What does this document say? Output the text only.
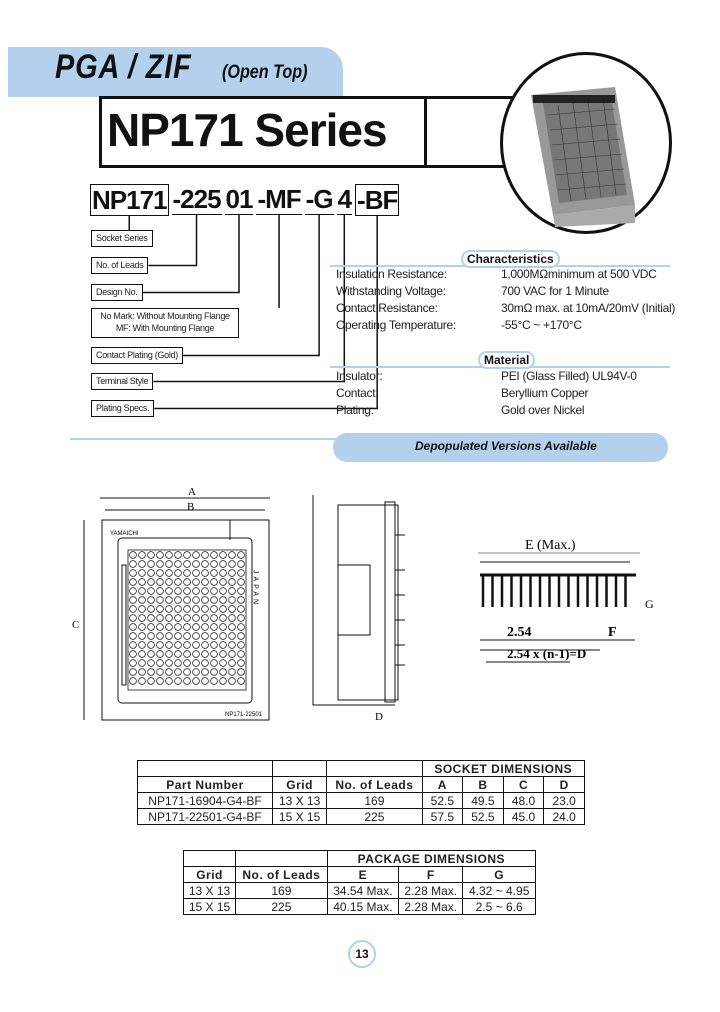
PGA / ZIF (Open Top)
NP171 Series
NP171 -225 01 -MF -G 4 -BF
Socket Series
No. of Leads
Design No.
No Mark: Without Mounting Flange
MF: With Mounting Flange
Contact Plating (Gold)
Terminal Style
Plating Specs.
Characteristics
Insulation Resistance:	1,000MΩminimum at 500 VDC
Withstanding Voltage:	700 VAC for 1 Minute
Contact Resistance:	30mΩ max. at 10mA/20mV (Initial)
Operating Temperature:	-55°C ~ +170°C
Material
Insulator:	PEI (Glass Filled) UL94V-0
Contact:	Beryllium Copper
Plating:	Gold over Nickel
Depopulated Versions Available
A
B
C
D
YAMAICHI
JAPAN
NP171-22501
E (Max.)
F
G
2.54
2.54 x (n-1)=D
			SOCKET DIMENSIONS			
Part Number	Grid	No. of Leads	A	B	C	D
NP171-16904-G4-BF	13 X 13	169	52.5	49.5	48.0	23.0
NP171-22501-G4-BF	15 X 15	225	57.5	52.5	45.0	24.0
		PACKAGE DIMENSIONS		
Grid	No. of Leads	E	F	G
13 X 13	169	34.54 Max.	2.28 Max.	4.32 ~ 4.95
15 X 15	225	40.15 Max.	2.28 Max.	2.5 ~ 6.6
13
